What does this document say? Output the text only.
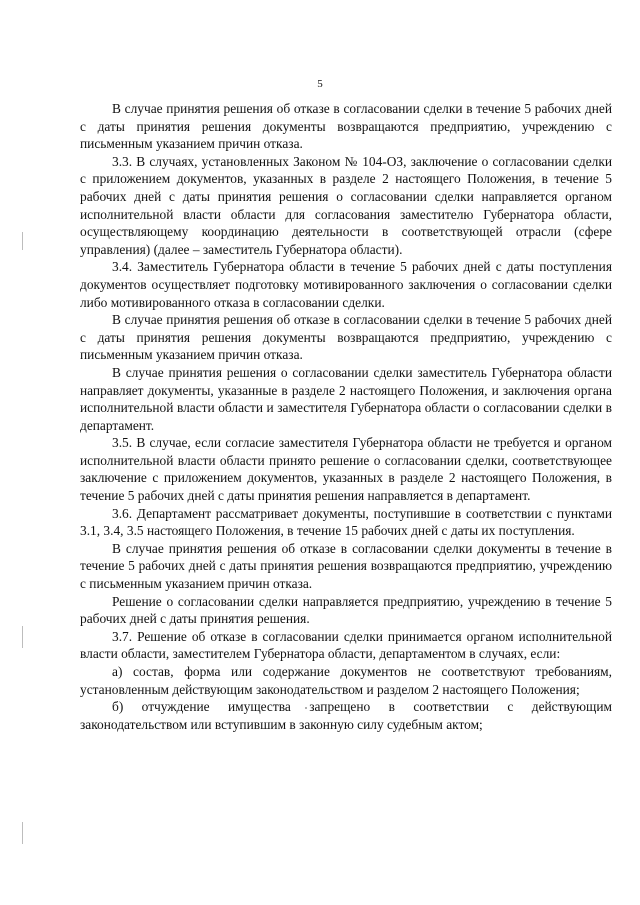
5

В случае принятия решения об отказе в согласовании сделки в течение 5 рабочих дней с даты принятия решения документы возвращаются предприятию, учреждению с письменным указанием причин отказа.

3.3. В случаях, установленных Законом № 104-ОЗ, заключение о согласовании сделки с приложением документов, указанных в разделе 2 настоящего Положения, в течение 5 рабочих дней с даты принятия решения о согласовании сделки направляется органом исполнительной власти области для согласования заместителю Губернатора области, осуществляющему координацию деятельности в соответствующей отрасли (сфере управления) (далее – заместитель Губернатора области).

3.4. Заместитель Губернатора области в течение 5 рабочих дней с даты поступления документов осуществляет подготовку мотивированного заключения о согласовании сделки либо мотивированного отказа в согласовании сделки.

В случае принятия решения об отказе в согласовании сделки в течение 5 рабочих дней с даты принятия решения документы возвращаются предприятию, учреждению с письменным указанием причин отказа.

В случае принятия решения о согласовании сделки заместитель Губернатора области направляет документы, указанные в разделе 2 настоящего Положения, и заключения органа исполнительной власти области и заместителя Губернатора области о согласовании сделки в департамент.

3.5. В случае, если согласие заместителя Губернатора области не требуется и органом исполнительной власти области принято решение о согласовании сделки, соответствующее заключение с приложением документов, указанных в разделе 2 настоящего Положения, в течение 5 рабочих дней с даты принятия решения направляется в департамент.

3.6. Департамент рассматривает документы, поступившие в соответствии с пунктами 3.1, 3.4, 3.5 настоящего Положения, в течение 15 рабочих дней с даты их поступления.

В случае принятия решения об отказе в согласовании сделки документы в течение в течение 5 рабочих дней с даты принятия решения возвращаются предприятию, учреждению с письменным указанием причин отказа.

Решение о согласовании сделки направляется предприятию, учреждению в течение 5 рабочих дней с даты принятия решения.

3.7. Решение об отказе в согласовании сделки принимается органом исполнительной власти области, заместителем Губернатора области, департаментом в случаях, если:

а) состав, форма или содержание документов не соответствуют требованиям, установленным действующим законодательством и разделом 2 настоящего Положения;

б) отчуждение имущества запрещено в соответствии с действующим законодательством или вступившим в законную силу судебным актом;
